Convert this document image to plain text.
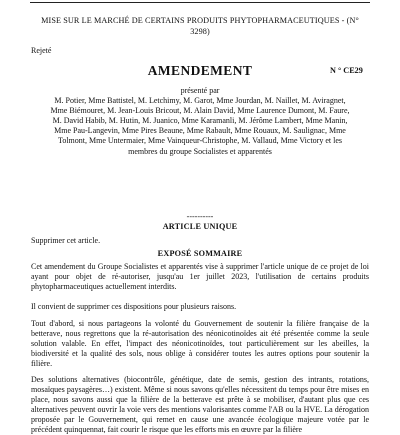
MISE SUR LE MARCHÉ DE CERTAINS PRODUITS PHYTOPHARMACEUTIQUES - (N° 3298)
Rejeté
AMENDEMENT	N ° CE29
présenté par
M. Potier, Mme Battistel, M. Letchimy, M. Garot, Mme Jourdan, M. Naillet, M. Aviragnet, Mme Biémouret, M. Jean-Louis Bricout, M. Alain David, Mme Laurence Dumont, M. Faure, M. David Habib, M. Hutin, M. Juanico, Mme Karamanli, M. Jérôme Lambert, Mme Manin, Mme Pau-Langevin, Mme Pires Beaune, Mme Rabault, Mme Rouaux, M. Saulignac, Mme Tolmont, Mme Untermaier, Mme Vainqueur-Christophe, M. Vallaud, Mme Victory et les membres du groupe Socialistes et apparentés
----------
ARTICLE UNIQUE
Supprimer cet article.
EXPOSÉ SOMMAIRE
Cet amendement du Groupe Socialistes et apparentés vise à supprimer l'article unique de ce projet de loi ayant pour objet de ré-autoriser, jusqu'au 1er juillet 2023, l'utilisation de certains produits phytopharmaceutiques actuellement interdits.
Il convient de supprimer ces dispositions pour plusieurs raisons.
Tout d'abord, si nous partageons la volonté du Gouvernement de soutenir la filière française de la betterave, nous regrettons que la ré-autorisation des néonicotinoïdes ait été présentée comme la seule solution valable. En effet, l'impact des néonicotinoïdes, tout particulièrement sur les abeilles, la biodiversité et la qualité des sols, nous oblige à considérer toutes les autres options pour soutenir la filière.
Des solutions alternatives (biocontrôle, génétique, date de semis, gestion des intrants, rotations, mosaïques paysagères…) existent. Même si nous savons qu'elles nécessitent du temps pour être mises en place, nous savons aussi que la filière de la betterave est prête à se mobiliser, d'autant plus que ces alternatives peuvent ouvrir la voie vers des mentions valorisantes comme l'AB ou la HVE. La dérogation proposée par le Gouvernement, qui remet en cause une avancée écologique majeure votée par le précédent quinquennat, fait courir le risque que les efforts mis en œuvre par la filière
